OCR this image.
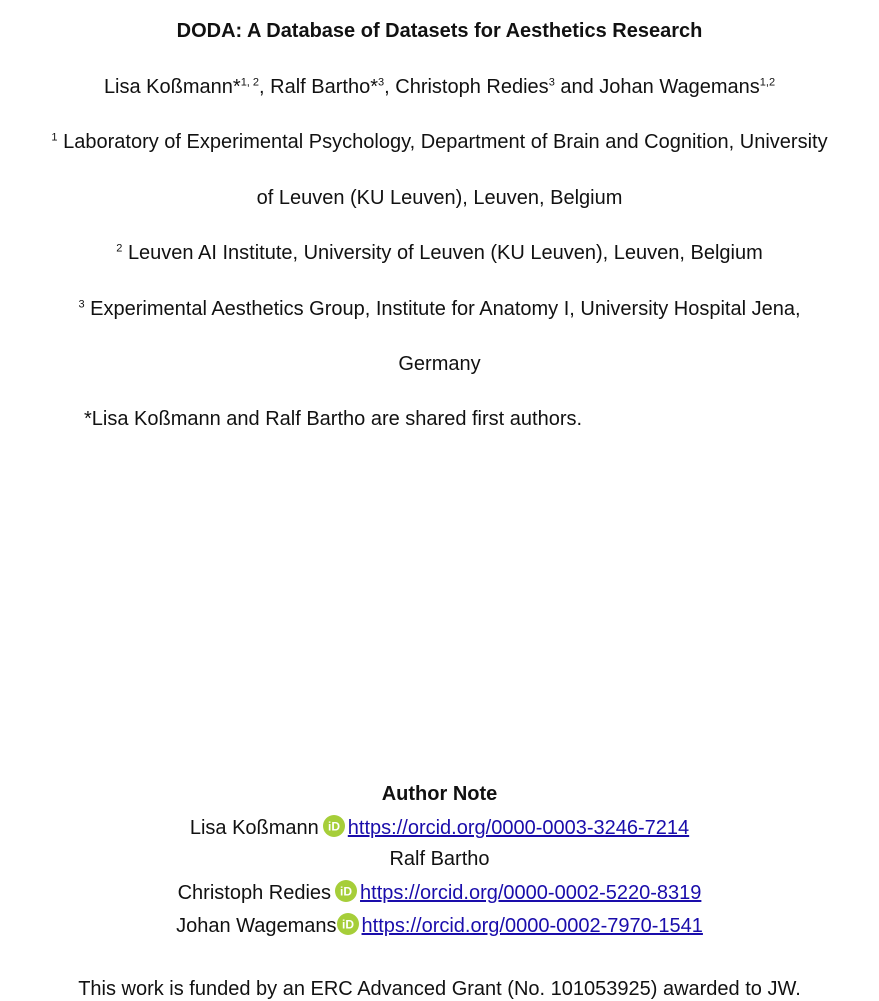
DODA: A Database of Datasets for Aesthetics Research
Lisa Koßmann*$^{1, 2}$, Ralf Bartho*$^3$, Christoph Redies$^3$ and Johan Wagemans$^{1,2}$
$^1$ Laboratory of Experimental Psychology, Department of Brain and Cognition, University
of Leuven (KU Leuven), Leuven, Belgium
$^2$ Leuven AI Institute, University of Leuven (KU Leuven), Leuven, Belgium
$^3$ Experimental Aesthetics Group, Institute for Anatomy I, University Hospital Jena,
Germany
*Lisa Koßmann and Ralf Bartho are shared first authors.
Author Note
Lisa Koßmann iD https://orcid.org/0000-0003-3246-7214
Ralf Bartho
Christoph Redies iD https://orcid.org/0000-0002-5220-8319
Johan Wagemans iD https://orcid.org/0000-0002-7970-1541
This work is funded by an ERC Advanced Grant (No. 101053925) awarded to JW.
